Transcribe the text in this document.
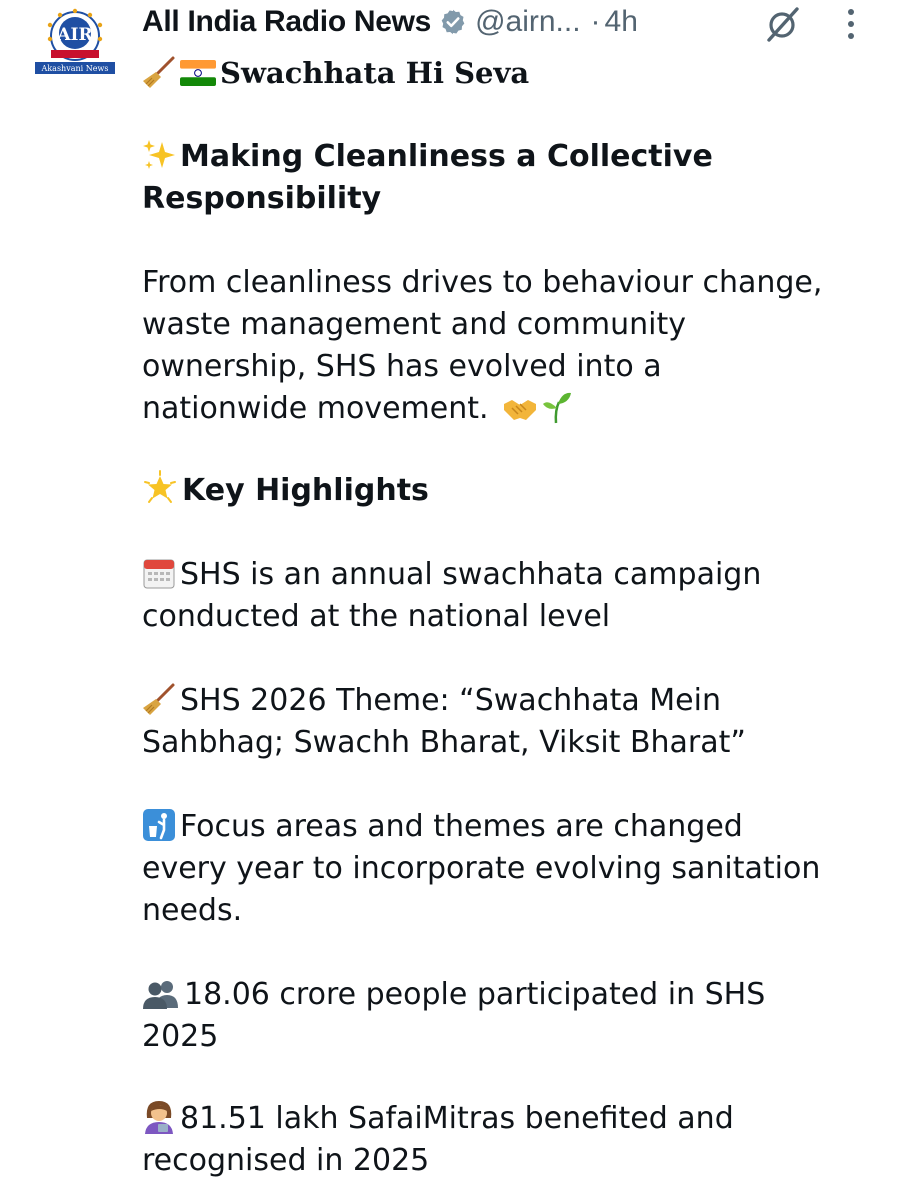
AIR
Akashvani News
All India Radio News @airn... · 4h
Swachhata Hi Seva
Making Cleanliness a Collective
Responsibility
From cleanliness drives to behaviour change,
waste management and community
ownership, SHS has evolved into a
nationwide movement.
Key Highlights
SHS is an annual swachhata campaign
conducted at the national level
SHS 2026 Theme: “Swachhata Mein
Sahbhag; Swachh Bharat, Viksit Bharat”
Focus areas and themes are changed
every year to incorporate evolving sanitation
needs.
18.06 crore people participated in SHS
2025
81.51 lakh SafaiMitras benefited and
recognised in 2025
